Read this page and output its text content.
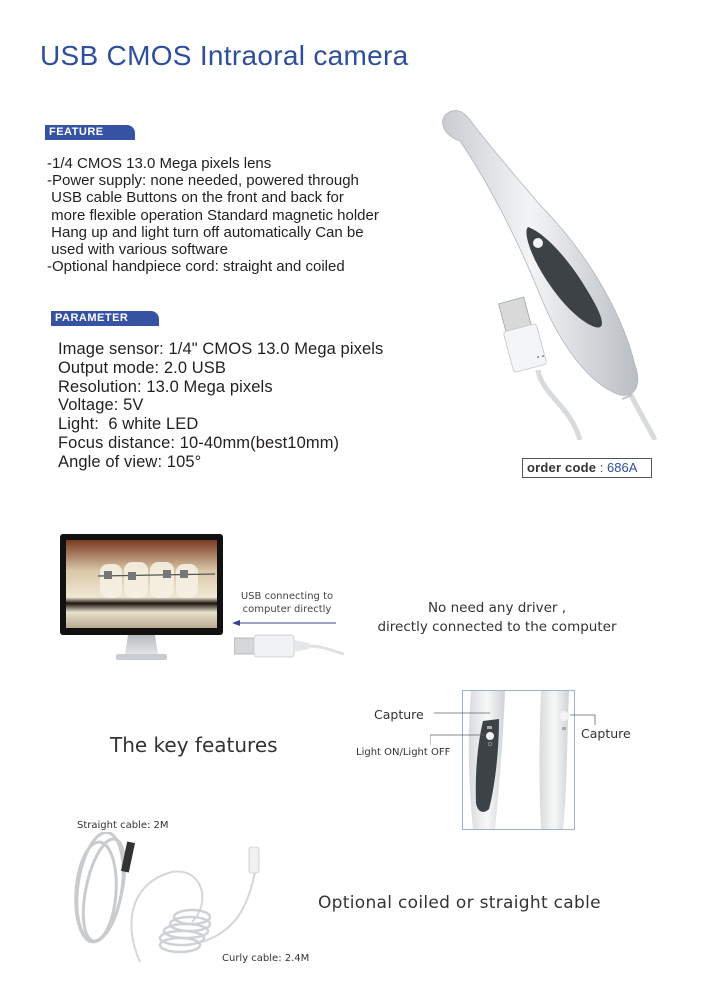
USB CMOS Intraoral camera
FEATURE
-1/4 CMOS 13.0 Mega pixels lens
-Power supply: none needed, powered through
USB cable Buttons on the front and back for
more flexible operation Standard magnetic holder
Hang up and light turn off automatically Can be
used with various software
-Optional handpiece cord: straight and coiled
PARAMETER
Image sensor: 1/4" CMOS 13.0 Mega pixels
Output mode: 2.0 USB
Resolution: 13.0 Mega pixels
Voltage: 5V
Light:  6 white LED
Focus distance: 10-40mm(best10mm)
Angle of view: 105°	order code : 686A
USB connecting to
computer directly	No need any driver ,
directly connected to the computer
The key features
Capture
Capture
Light ON/Light OFF
Straight cable: 2M
Curly cable: 2.4M
Optional coiled or straight cable
